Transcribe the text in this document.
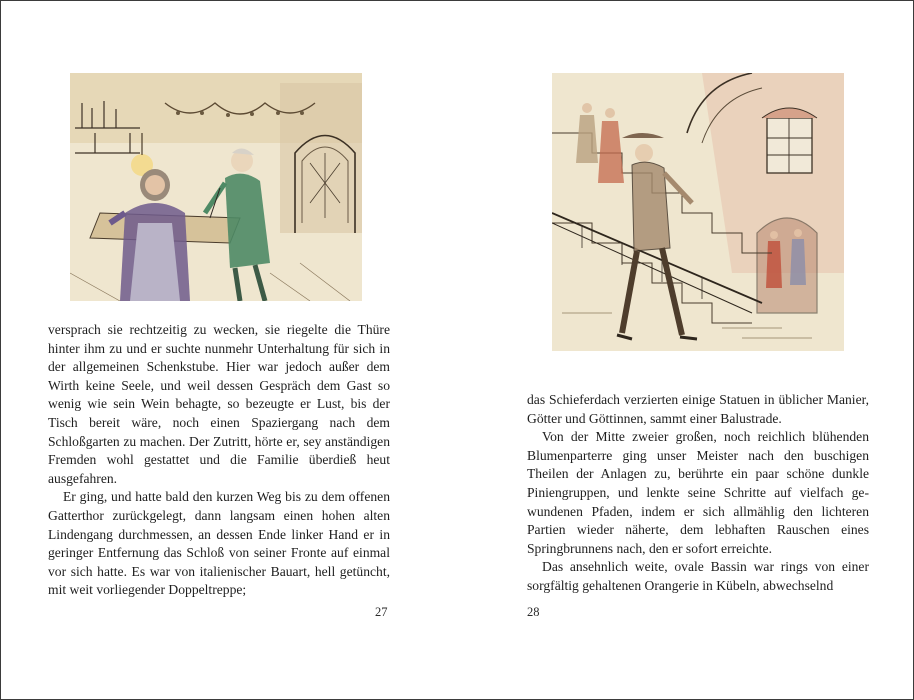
versprach sie rechtzeitig zu wecken, sie riegelte die Thüre hinter ihm zu und er suchte nunmehr Unterhaltung für sich in der allgemeinen Schenkstube. Hier war jedoch außer dem Wirth keine Seele, und weil dessen Gespräch dem Gast so wenig wie sein Wein behagte, so bezeugte er Lust, bis der Tisch bereit wäre, noch einen Spaziergang nach dem Schloßgarten zu machen. Der Zutritt, hörte er, sey anständigen Fremden wohl gestattet und die Familie überdieß heut ausgefahren.

Er ging, und hatte bald den kurzen Weg bis zu dem offenen Gatterthor zurückgelegt, dann langsam einen hohen alten Lindengang durchmessen, an dessen Ende linker Hand er in geringer Entfernung das Schloß von seiner Fronte auf einmal vor sich hatte. Es war von italienischer Bauart, hell getüncht, mit weit vorliegender Doppeltreppe;

27

das Schieferdach verzierten einige Statuen in üblicher Manier, Götter und Göttinnen, sammt einer Balustrade.

Von der Mitte zweier großen, noch reichlich blühenden Blumenparterre ging unser Meister nach den buschigen Theilen der Anlagen zu, berührte ein paar schöne dunkle Piniengruppen, und lenkte seine Schritte auf vielfach gewundenen Pfaden, indem er sich allmählig den lichteren Partien wieder näherte, dem lebhaften Rauschen eines Springbrunnens nach, den er sofort erreichte.

Das ansehnlich weite, ovale Bassin war rings von einer sorgfältig gehaltenen Orangerie in Kübeln, abwechselnd

28
